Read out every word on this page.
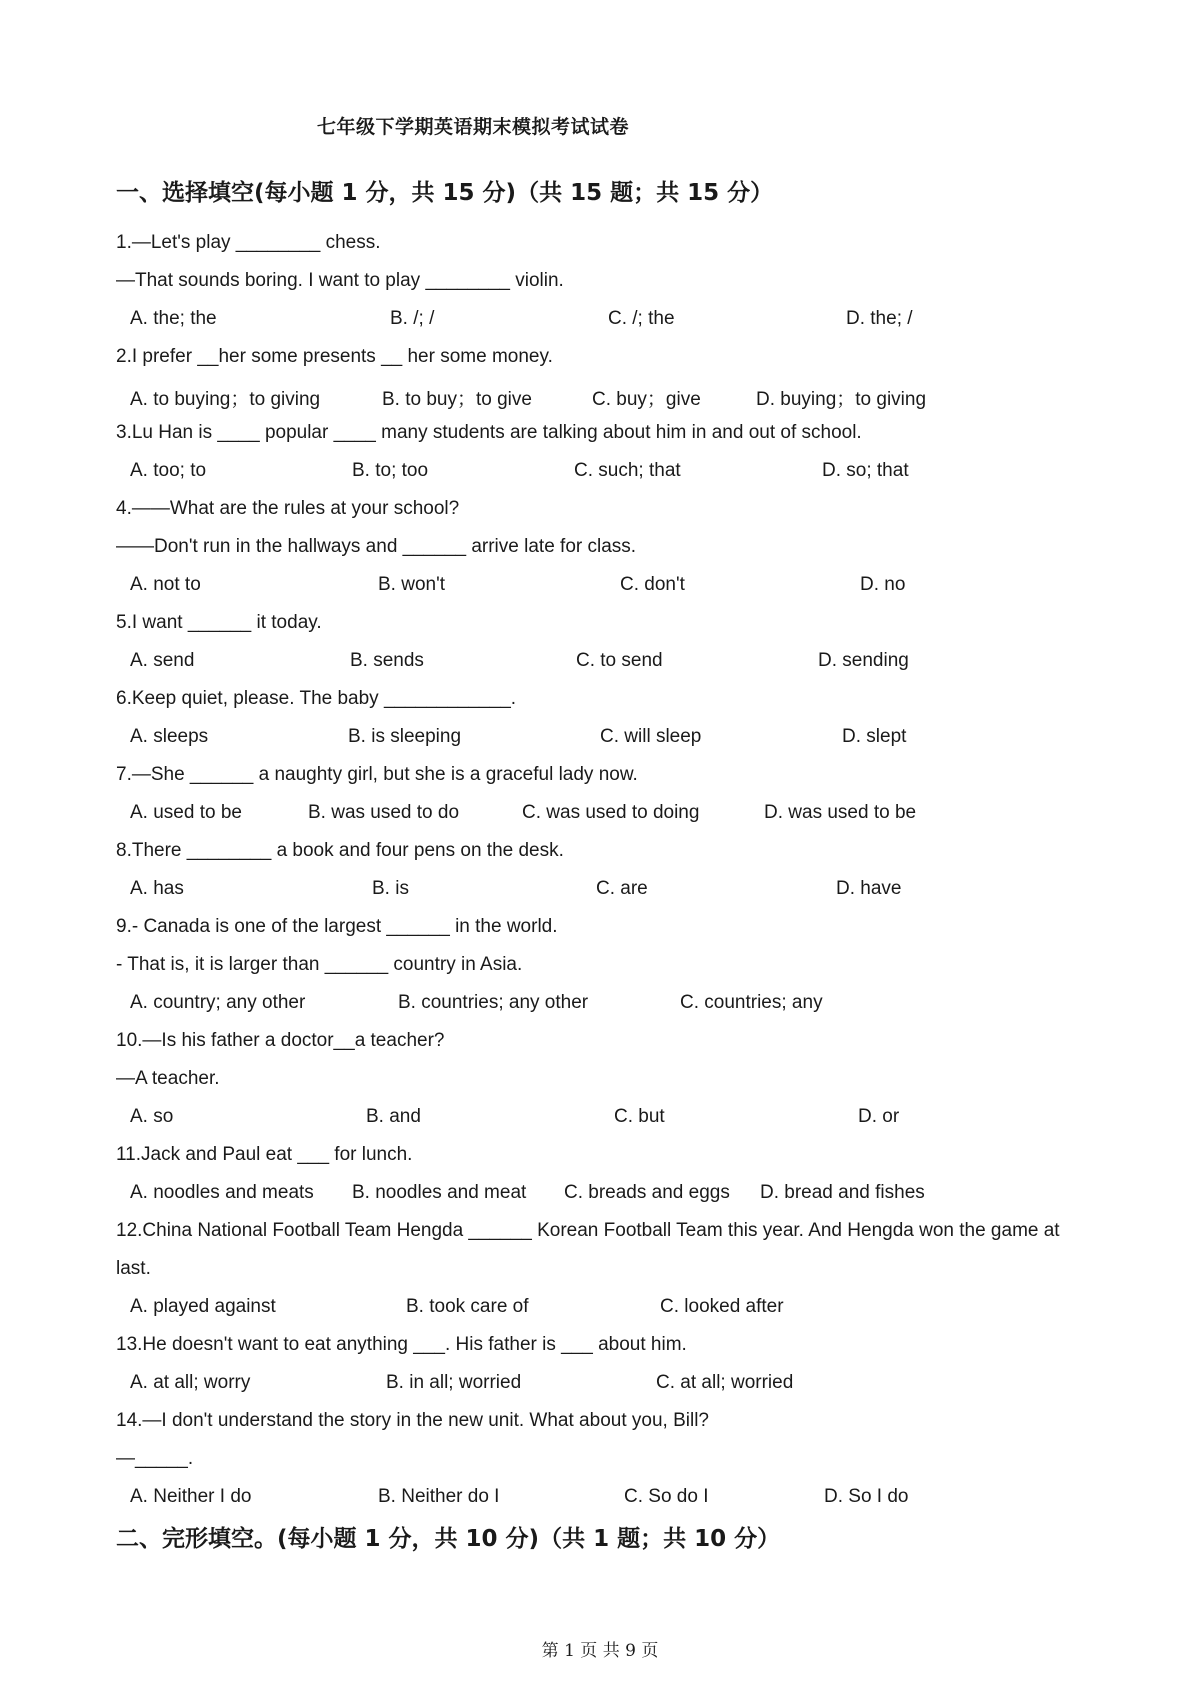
七年级下学期英语期末模拟考试试卷
一、选择填空(每小题 1 分，共 15 分)（共 15 题；共 15 分）
1.—Let's play ________ chess.
—That sounds boring. I want to play ________ violin.
A. the; the	B. /; /	C. /; the	D. the; /
2.I prefer __her some presents __ her some money.
A. to buying；to giving	B. to buy；to give	C. buy；give	D. buying；to giving
3.Lu Han is ____ popular ____ many students are talking about him in and out of school.
A. too; to	B. to; too	C. such; that	D. so; that
4.——What are the rules at your school?
——Don't run in the hallways and ______ arrive late for class.
A. not to	B. won't	C. don't	D. no
5.I want ______ it today.
A. send	B. sends	C. to send	D. sending
6.Keep quiet, please. The baby ____________.
A. sleeps	B. is sleeping	C. will sleep	D. slept
7.—She ______ a naughty girl, but she is a graceful lady now.
A. used to be	B. was used to do	C. was used to doing	D. was used to be
8.There ________ a book and four pens on the desk.
A. has	B. is	C. are	D. have
9.- Canada is one of the largest ______ in the world.
- That is, it is larger than ______ country in Asia.
A. country; any other	B. countries; any other	C. countries; any
10.—Is his father a doctor__a teacher?
—A teacher.
A. so	B. and	C. but	D. or
11.Jack and Paul eat ___ for lunch.
A. noodles and meats B. noodles and meat C. breads and eggs D. bread and fishes
12.China National Football Team Hengda ______ Korean Football Team this year. And Hengda won the game at
last.
A. played against	B. took care of	C. looked after
13.He doesn't want to eat anything ___. His father is ___ about him.
A. at all; worry	B. in all; worried	C. at all; worried
14.—I don't understand the story in the new unit. What about you, Bill?
—_____.
A. Neither I do	B. Neither do I	C. So do I	D. So I do
二、完形填空。(每小题 1 分，共 10 分)（共 1 题；共 10 分）
第 1 页 共 9 页
